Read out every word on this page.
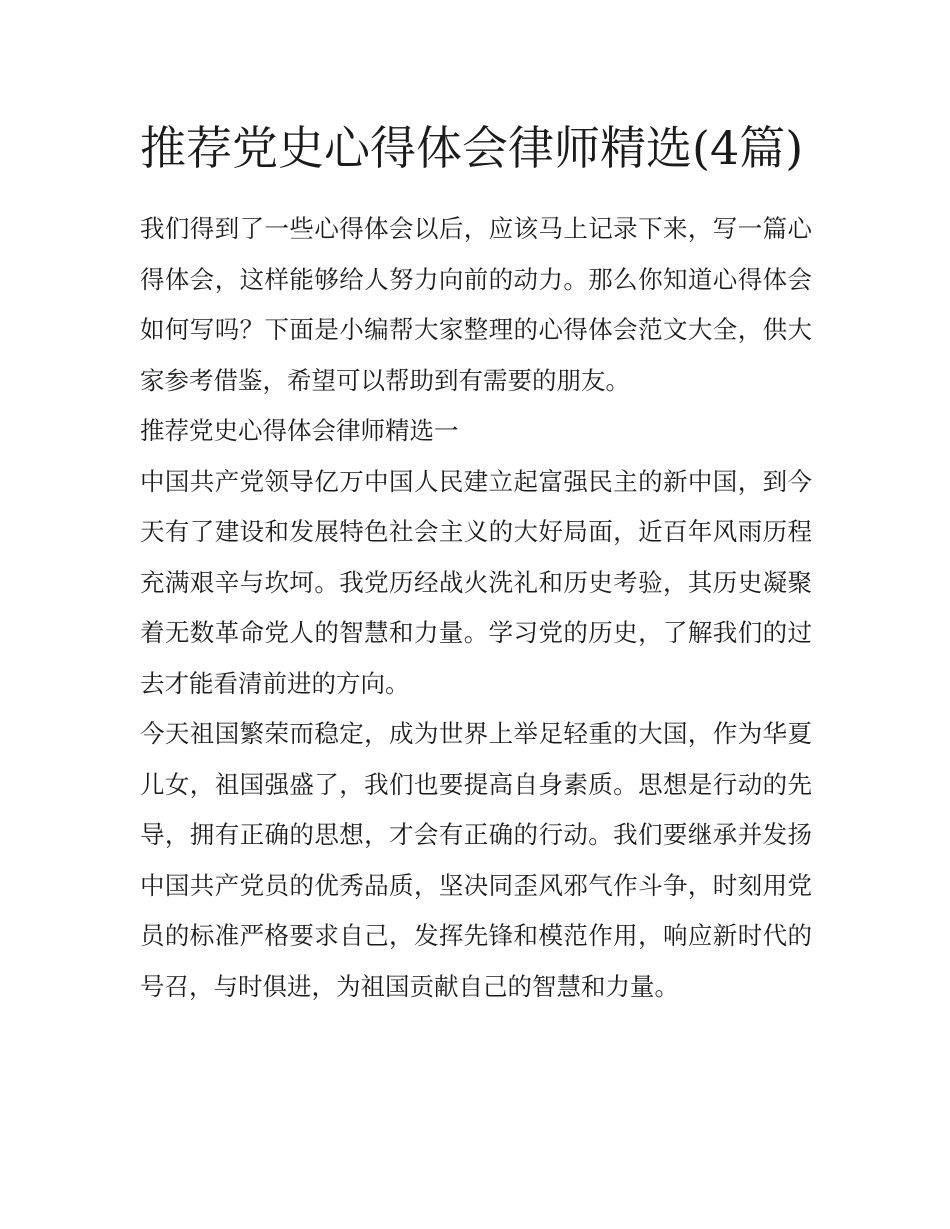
推荐党史心得体会律师精选(4篇)

我们得到了一些心得体会以后，应该马上记录下来，写一篇心得体会，这样能够给人努力向前的动力。那么你知道心得体会如何写吗？下面是小编帮大家整理的心得体会范文大全，供大家参考借鉴，希望可以帮助到有需要的朋友。

推荐党史心得体会律师精选一

中国共产党领导亿万中国人民建立起富强民主的新中国，到今天有了建设和发展特色社会主义的大好局面，近百年风雨历程充满艰辛与坎坷。我党历经战火洗礼和历史考验，其历史凝聚着无数革命党人的智慧和力量。学习党的历史，了解我们的过去才能看清前进的方向。

今天祖国繁荣而稳定，成为世界上举足轻重的大国，作为华夏儿女，祖国强盛了，我们也要提高自身素质。思想是行动的先导，拥有正确的思想，才会有正确的行动。我们要继承并发扬中国共产党员的优秀品质，坚决同歪风邪气作斗争，时刻用党员的标准严格要求自己，发挥先锋和模范作用，响应新时代的号召，与时俱进，为祖国贡献自己的智慧和力量。
